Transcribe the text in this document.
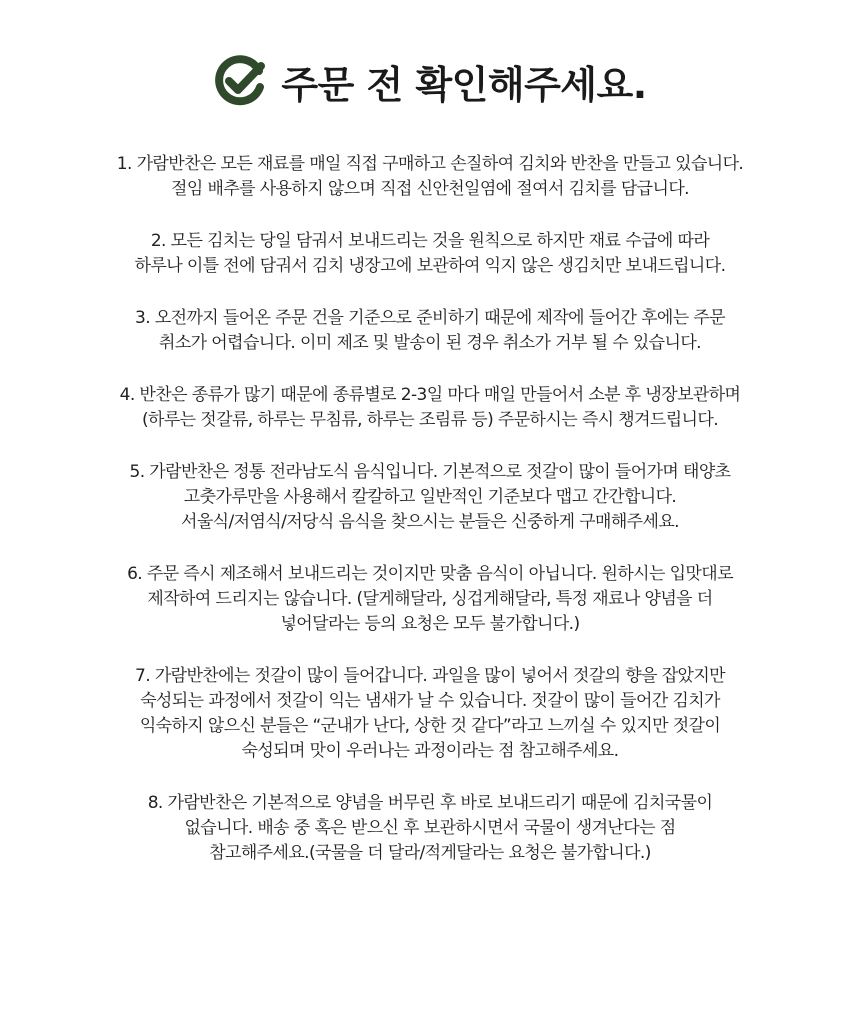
주문 전 확인해주세요.
1. 가람반찬은 모든 재료를 매일 직접 구매하고 손질하여 김치와 반찬을 만들고 있습니다.
절임 배추를 사용하지 않으며 직접 신안천일염에 절여서 김치를 담급니다.
2. 모든 김치는 당일 담궈서 보내드리는 것을 원칙으로 하지만 재료 수급에 따라
하루나 이틀 전에 담궈서 김치 냉장고에 보관하여 익지 않은 생김치만 보내드립니다.
3. 오전까지 들어온 주문 건을 기준으로 준비하기 때문에 제작에 들어간 후에는 주문
취소가 어렵습니다. 이미 제조 및 발송이 된 경우 취소가 거부 될 수 있습니다.
4. 반찬은 종류가 많기 때문에 종류별로 2-3일 마다 매일 만들어서 소분 후 냉장보관하며
(하루는 젓갈류, 하루는 무침류, 하루는 조림류 등) 주문하시는 즉시 챙겨드립니다.
5. 가람반찬은 정통 전라남도식 음식입니다. 기본적으로 젓갈이 많이 들어가며 태양초
고춧가루만을 사용해서 칼칼하고 일반적인 기준보다 맵고 간간합니다.
서울식/저염식/저당식 음식을 찾으시는 분들은 신중하게 구매해주세요.
6. 주문 즉시 제조해서 보내드리는 것이지만 맞춤 음식이 아닙니다. 원하시는 입맛대로
제작하여 드리지는 않습니다. (달게해달라, 싱겁게해달라, 특정 재료나 양념을 더
넣어달라는 등의 요청은 모두 불가합니다.)
7. 가람반찬에는 젓갈이 많이 들어갑니다. 과일을 많이 넣어서 젓갈의 향을 잡았지만
숙성되는 과정에서 젓갈이 익는 냄새가 날 수 있습니다. 젓갈이 많이 들어간 김치가
익숙하지 않으신 분들은 “군내가 난다, 상한 것 같다”라고 느끼실 수 있지만 젓갈이
숙성되며 맛이 우러나는 과정이라는 점 참고해주세요.
8. 가람반찬은 기본적으로 양념을 버무린 후 바로 보내드리기 때문에 김치국물이
없습니다. 배송 중 혹은 받으신 후 보관하시면서 국물이 생겨난다는 점
참고해주세요.(국물을 더 달라/적게달라는 요청은 불가합니다.)
